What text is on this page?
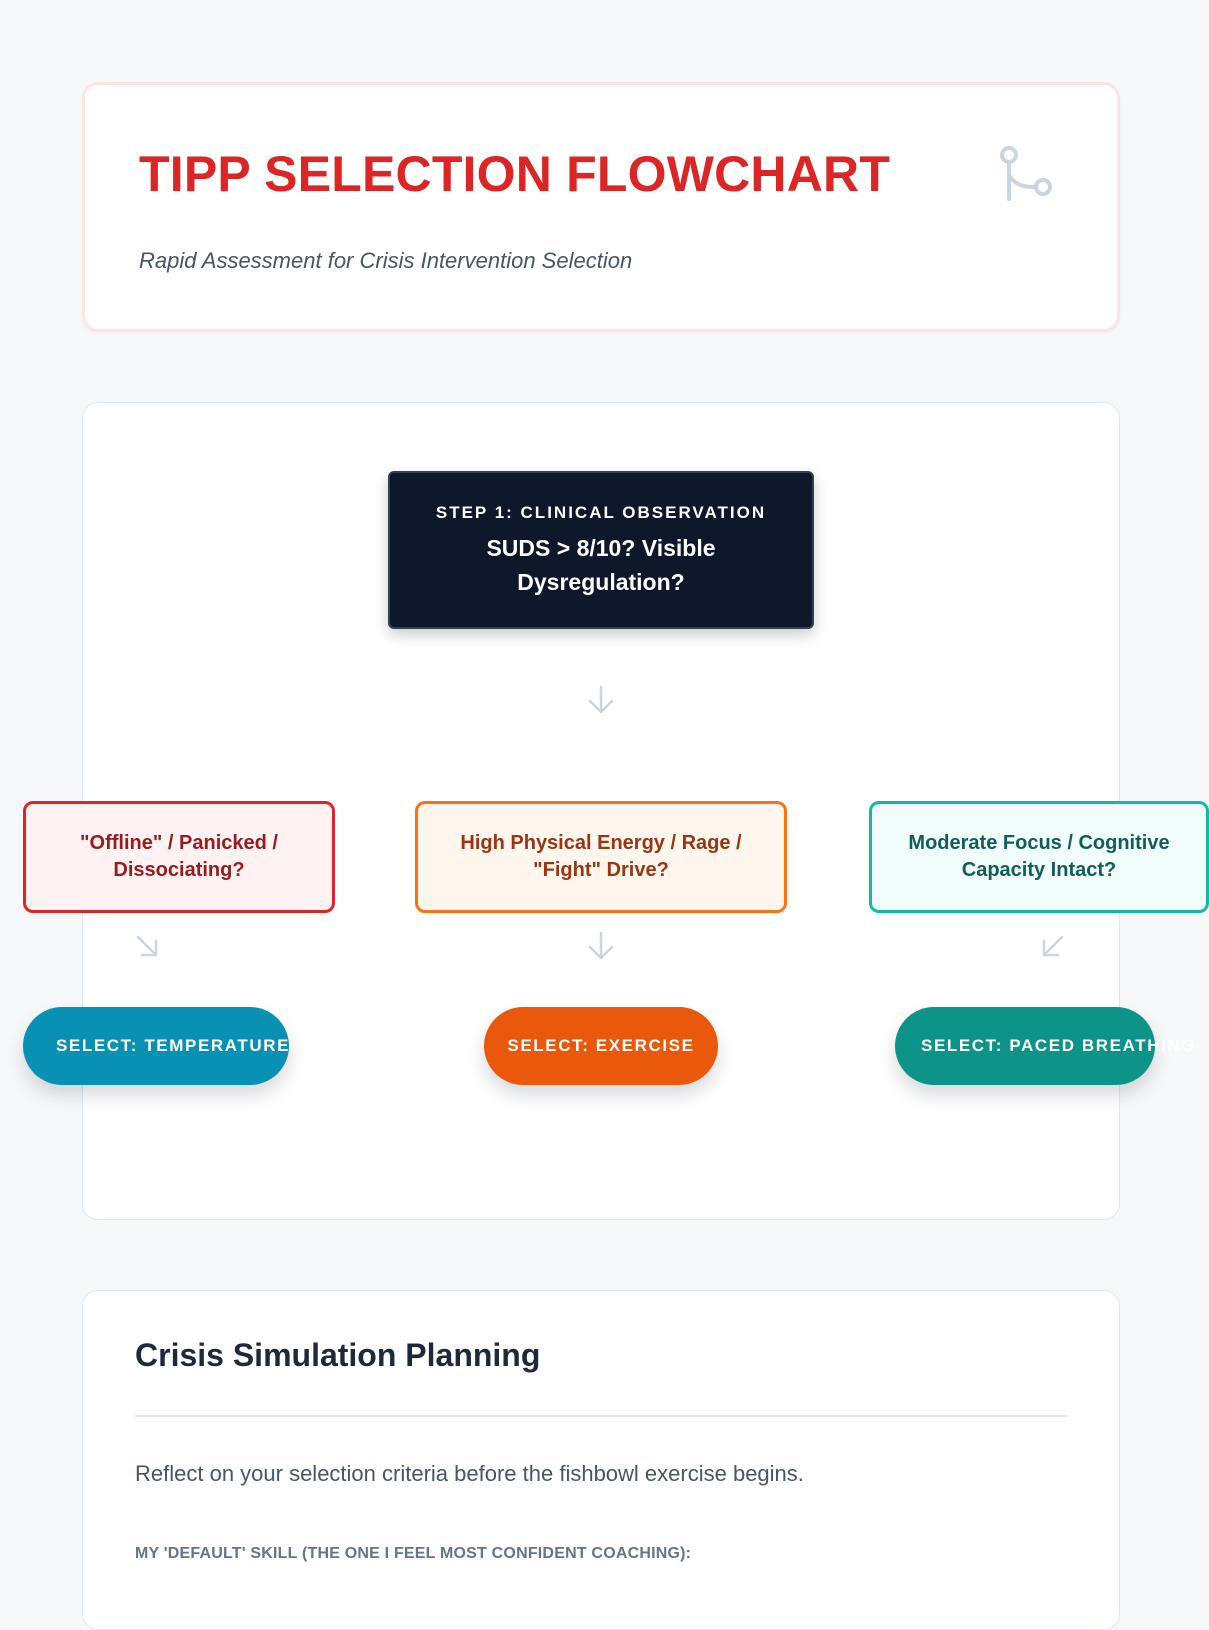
TIPP SELECTION FLOWCHART

Rapid Assessment for Crisis Intervention Selection

STEP 1: CLINICAL OBSERVATION
SUDS > 8/10? Visible Dysregulation?
"Offline" / Panicked / Dissociating?
SELECT: TEMPERATURE
High Physical Energy / Rage / "Fight" Drive?
SELECT: EXERCISE
Moderate Focus / Cognitive Capacity Intact?
SELECT: PACED BREATHING
Crisis Simulation Planning

Reflect on your selection criteria before the fishbowl exercise begins.

MY 'DEFAULT' SKILL (THE ONE I FEEL MOST CONFIDENT COACHING):
